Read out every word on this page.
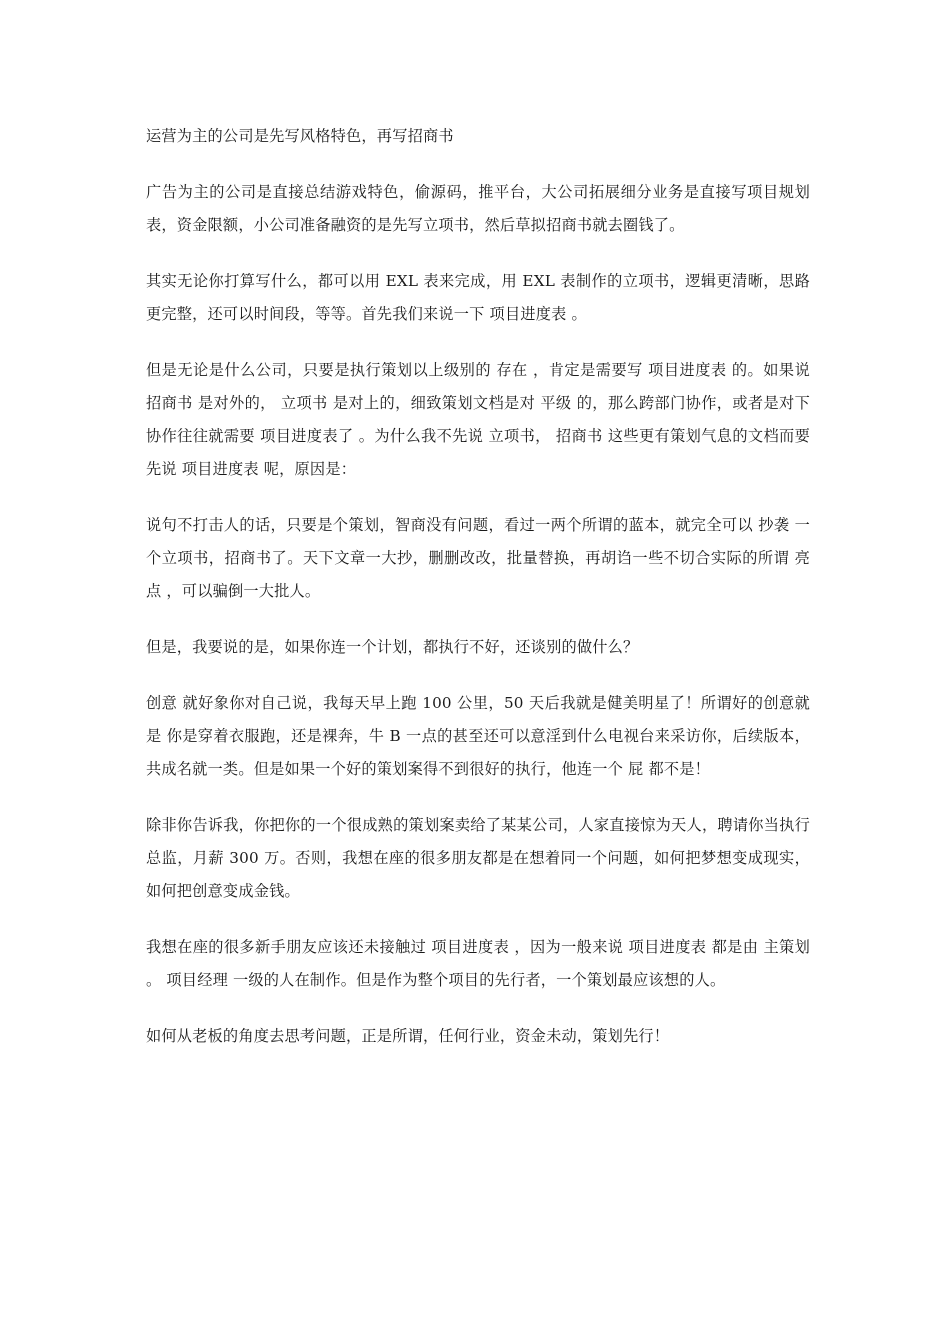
运营为主的公司是先写风格特色，再写招商书

广告为主的公司是直接总结游戏特色，偷源码，推平台，大公司拓展细分业务是直接写项目规划表，资金限额，小公司准备融资的是先写立项书，然后草拟招商书就去圈钱了。

其实无论你打算写什么，都可以用 EXL 表来完成，用 EXL 表制作的立项书，逻辑更清晰，思路更完整，还可以时间段，等等。首先我们来说一下 项目进度表 。

但是无论是什么公司，只要是执行策划以上级别的 存在 ，肯定是需要写 项目进度表 的。如果说 招商书 是对外的， 立项书 是对上的，细致策划文档是对 平级 的，那么跨部门协作，或者是对下协作往往就需要 项目进度表了 。为什么我不先说 立项书， 招商书 这些更有策划气息的文档而要先说 项目进度表 呢，原因是：

说句不打击人的话，只要是个策划，智商没有问题，看过一两个所谓的蓝本，就完全可以 抄袭 一个立项书，招商书了。天下文章一大抄，删删改改，批量替换，再胡诌一些不切合实际的所谓 亮点 ，可以骗倒一大批人。

但是，我要说的是，如果你连一个计划，都执行不好，还谈别的做什么？

创意 就好象你对自己说，我每天早上跑 100 公里，50 天后我就是健美明星了！所谓好的创意就是 你是穿着衣服跑，还是裸奔，牛 B 一点的甚至还可以意淫到什么电视台来采访你，后续版本，共成名就一类。但是如果一个好的策划案得不到很好的执行，他连一个 屁 都不是！

除非你告诉我，你把你的一个很成熟的策划案卖给了某某公司，人家直接惊为天人，聘请你当执行总监，月薪 300 万。否则，我想在座的很多朋友都是在想着同一个问题，如何把梦想变成现实，如何把创意变成金钱。

我想在座的很多新手朋友应该还未接触过 项目进度表 ，因为一般来说 项目进度表 都是由 主策划 。 项目经理 一级的人在制作。但是作为整个项目的先行者，一个策划最应该想的人。

如何从老板的角度去思考问题，正是所谓，任何行业，资金未动，策划先行！
